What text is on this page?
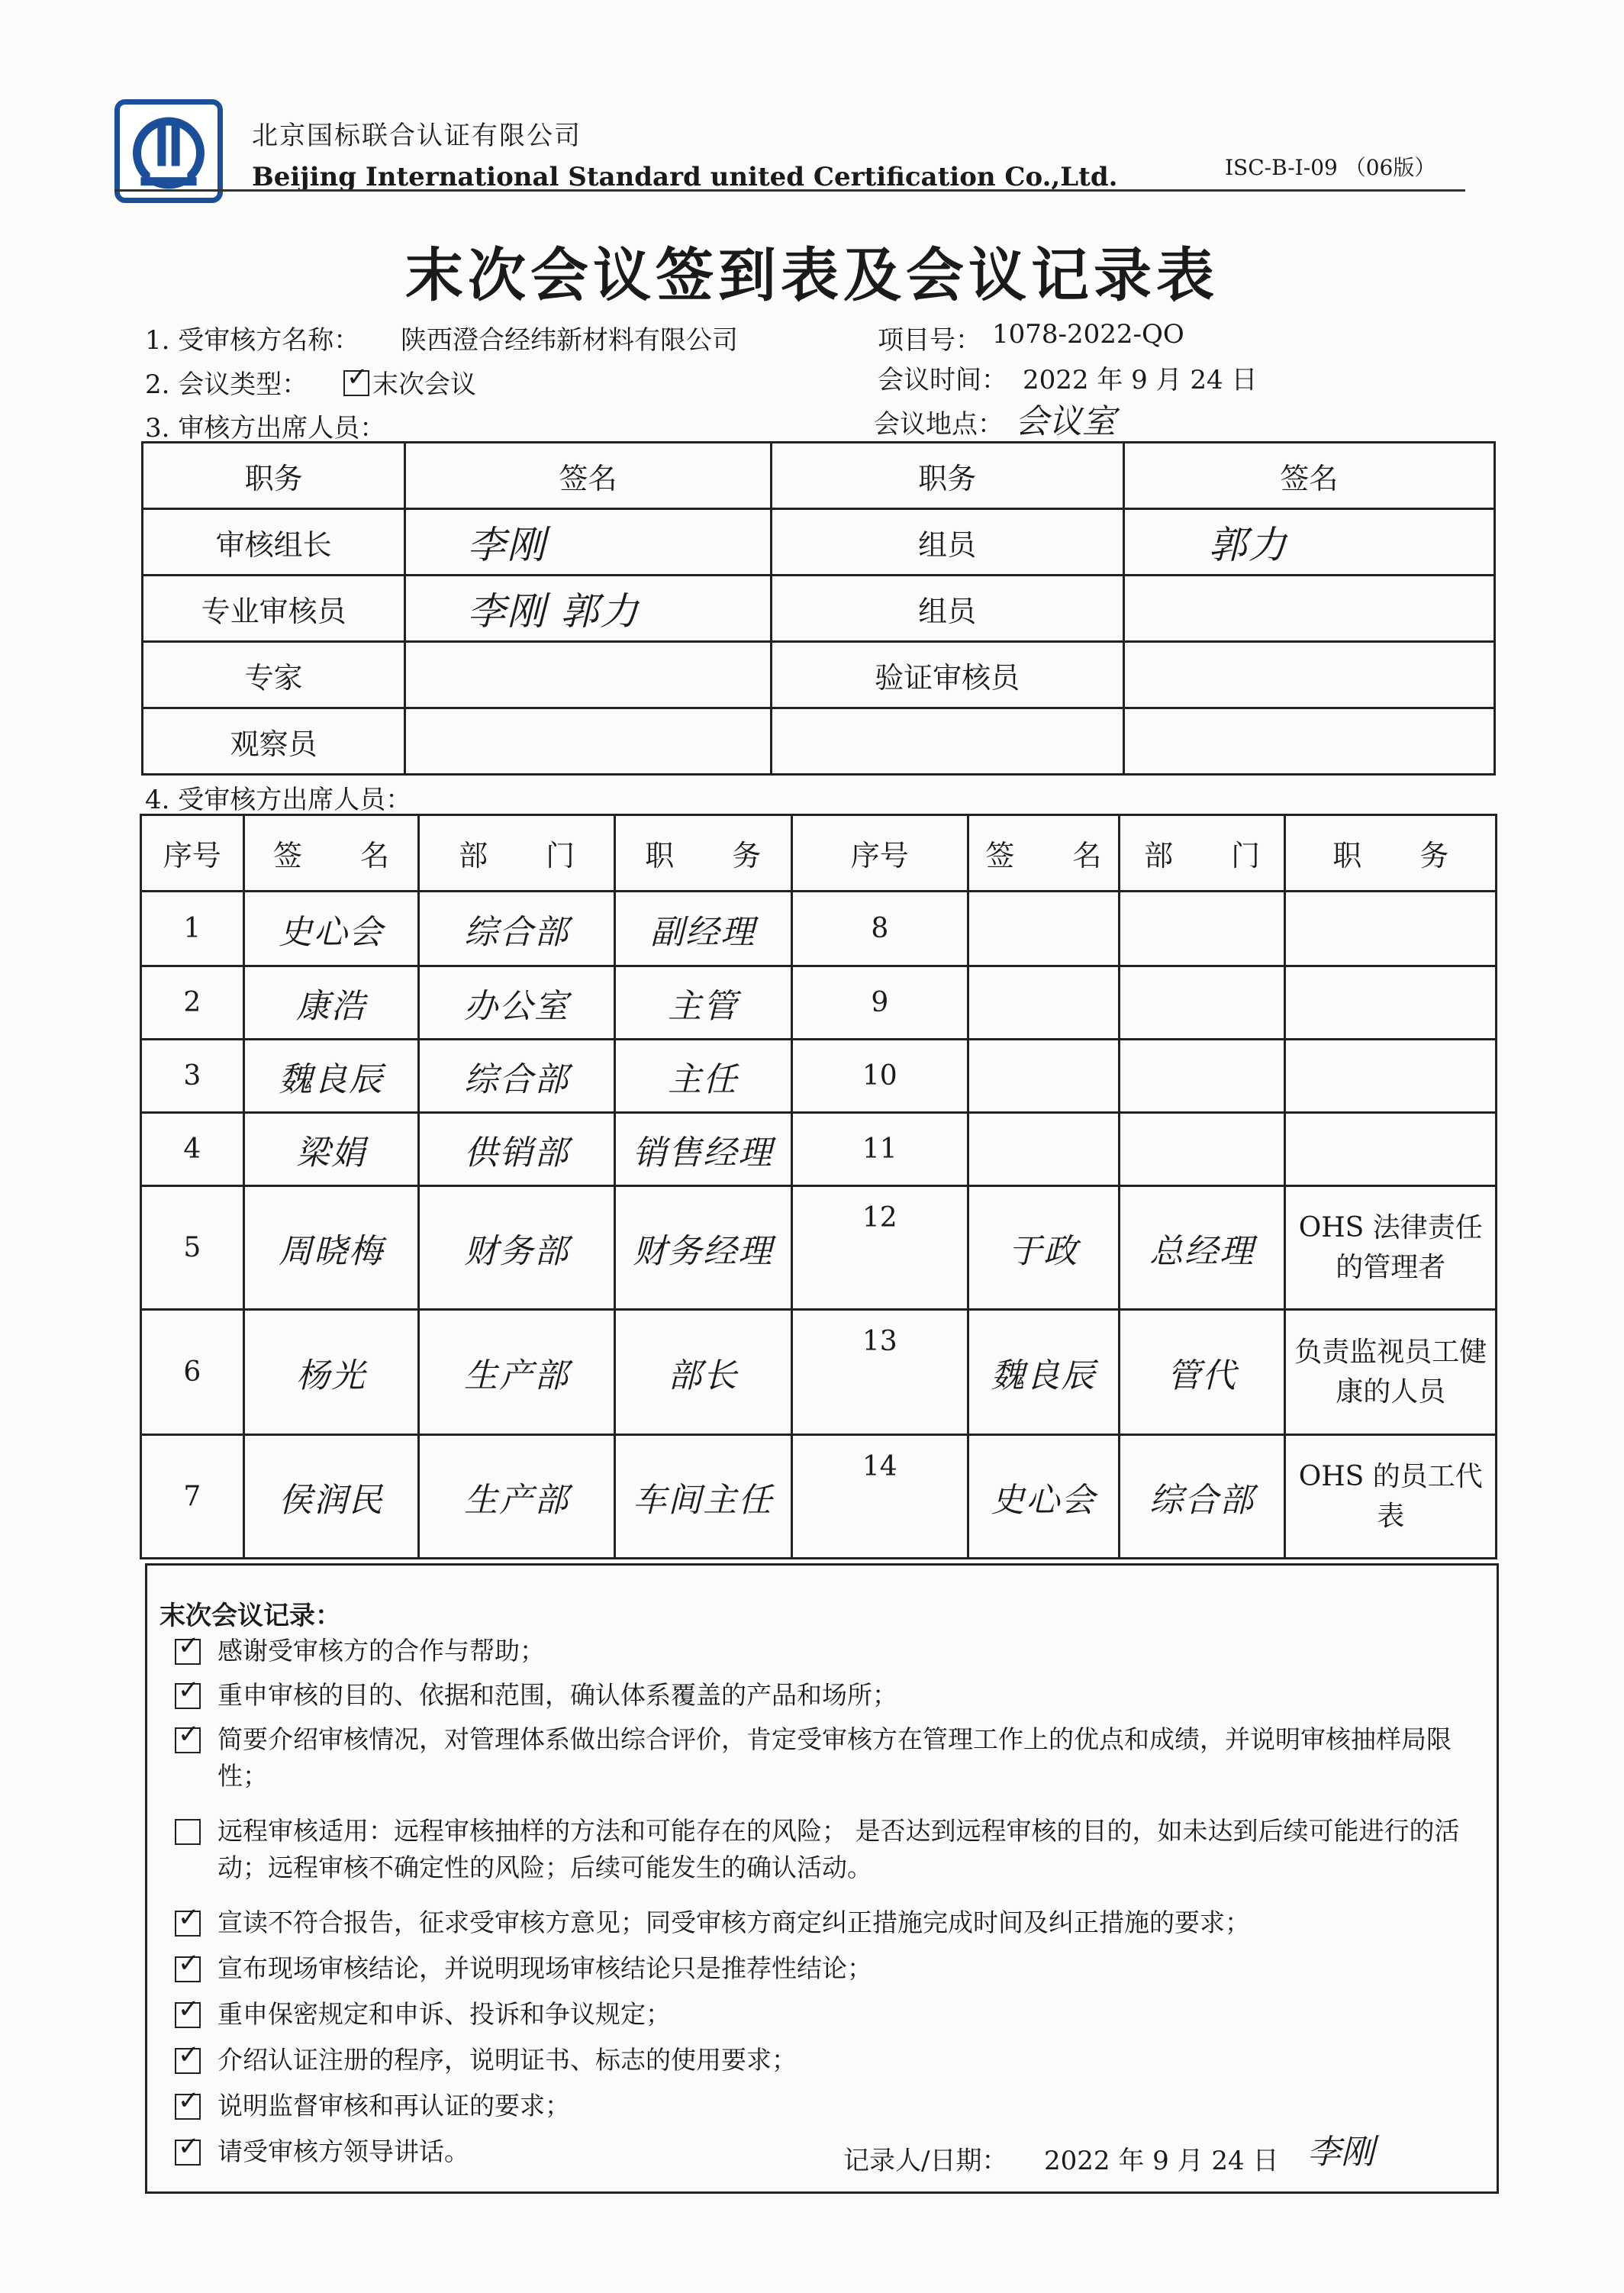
北京国标联合认证有限公司
Beijing International Standard united Certification Co.,Ltd.	ISC-B-I-09 （06版）
末次会议签到表及会议记录表
1. 受审核方名称： 陕西澄合经纬新材料有限公司	项目号： 1078-2022-QO
2. 会议类型： ✓	末次会议	会议时间： 2022 年 9 月 24 日
3. 审核方出席人员：	会议地点： 会议室
职务	签名	职务	签名
审核组长	李刚	组员	郭力
专业审核员	李刚 郭力	组员	
专家		验证审核员	
观察员			
4. 受审核方出席人员：
序号	签　　名	部　　门	职　　务	序号	签　　名	部　　门	职　　务
1	史心会	综合部	副经理	8			
2	康浩	办公室	主管	9			
3	魏良辰	综合部	主任	10			
4	梁娟	供销部	销售经理	11			
5	周晓梅	财务部	财务经理	12	于政	总经理	OHS 法律责任的管理者
6	杨光	生产部	部长	13	魏良辰	管代	负责监视员工健康的人员
7	侯润民	生产部	车间主任	14	史心会	综合部	OHS 的员工代表
末次会议记录：
✓
感谢受审核方的合作与帮助；
✓
重申审核的目的、依据和范围，确认体系覆盖的产品和场所；
✓
简要介绍审核情况，对管理体系做出综合评价，肯定受审核方在管理工作上的优点和成绩，并说明审核抽样局限性；
远程审核适用：远程审核抽样的方法和可能存在的风险； 是否达到远程审核的目的，如未达到后续可能进行的活动；远程审核不确定性的风险；后续可能发生的确认活动。
✓
宣读不符合报告，征求受审核方意见；同受审核方商定纠正措施完成时间及纠正措施的要求；
✓
宣布现场审核结论，并说明现场审核结论只是推荐性结论；
✓
重申保密规定和申诉、投诉和争议规定；
✓
介绍认证注册的程序，说明证书、标志的使用要求；
✓
说明监督审核和再认证的要求；
✓
请受审核方领导讲话。	记录人/日期： 2022 年 9 月 24 日 李刚
